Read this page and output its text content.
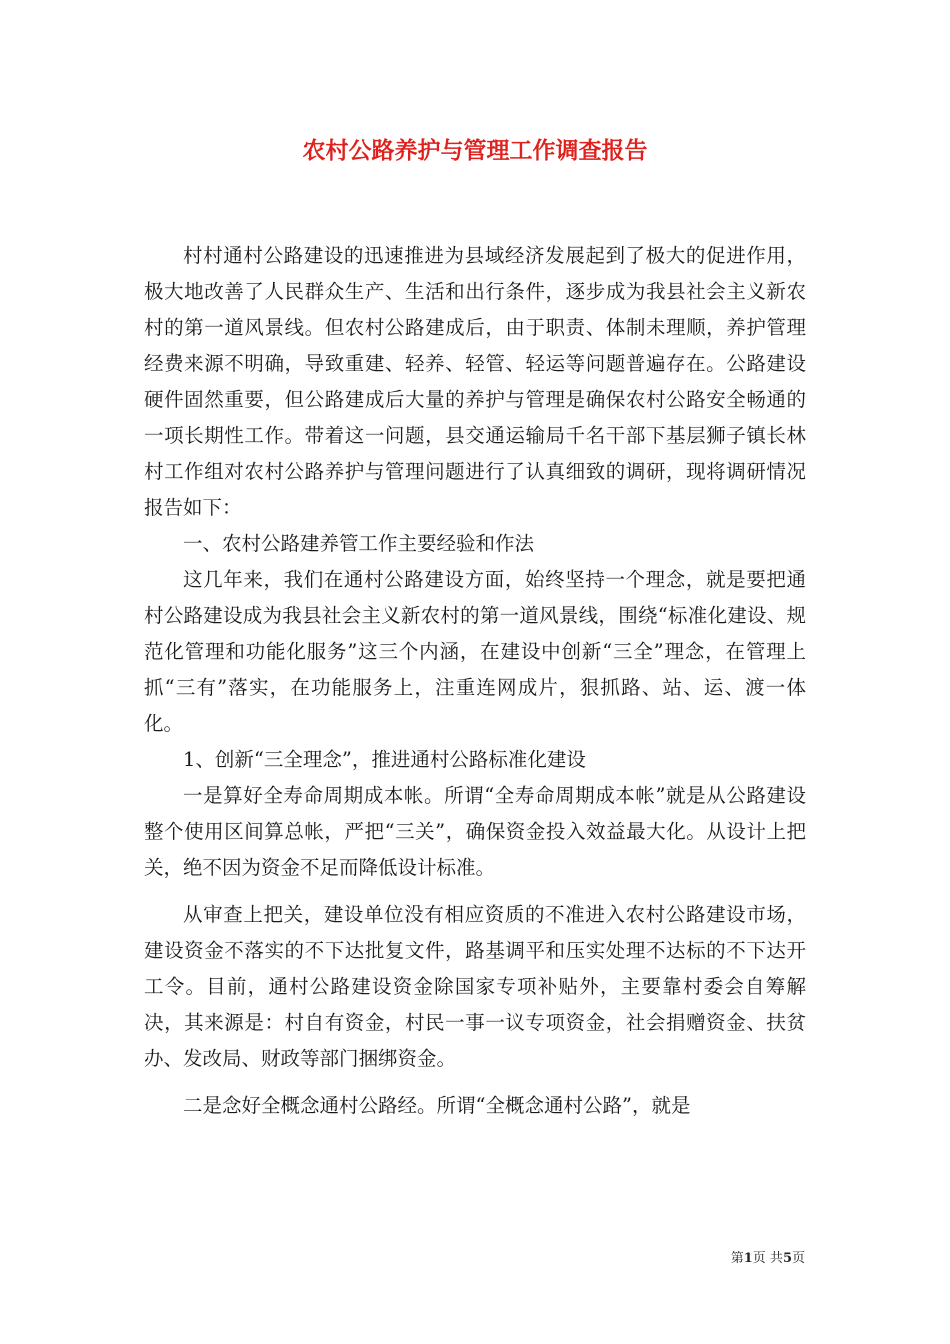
农村公路养护与管理工作调查报告

村村通村公路建设的迅速推进为县域经济发展起到了极大的促进作用，极大地改善了人民群众生产、生活和出行条件，逐步成为我县社会主义新农村的第一道风景线。但农村公路建成后，由于职责、体制未理顺，养护管理经费来源不明确，导致重建、轻养、轻管、轻运等问题普遍存在。公路建设硬件固然重要，但公路建成后大量的养护与管理是确保农村公路安全畅通的一项长期性工作。带着这一问题，县交通运输局千名干部下基层狮子镇长林村工作组对农村公路养护与管理问题进行了认真细致的调研，现将调研情况报告如下：

一、农村公路建养管工作主要经验和作法

这几年来，我们在通村公路建设方面，始终坚持一个理念，就是要把通村公路建设成为我县社会主义新农村的第一道风景线，围绕“标准化建设、规范化管理和功能化服务”这三个内涵，在建设中创新“三全”理念，在管理上抓“三有”落实，在功能服务上，注重连网成片，狠抓路、站、运、渡一体化。

1、创新“三全理念”，推进通村公路标准化建设

一是算好全寿命周期成本帐。所谓“全寿命周期成本帐”就是从公路建设整个使用区间算总帐，严把“三关”，确保资金投入效益最大化。从设计上把关，绝不因为资金不足而降低设计标准。

从审查上把关，建设单位没有相应资质的不准进入农村公路建设市场，建设资金不落实的不下达批复文件，路基调平和压实处理不达标的不下达开工令。目前，通村公路建设资金除国家专项补贴外，主要靠村委会自筹解决，其来源是：村自有资金，村民一事一议专项资金，社会捐赠资金、扶贫办、发改局、财政等部门捆绑资金。

二是念好全概念通村公路经。所谓“全概念通村公路”，就是

第1页 共5页
